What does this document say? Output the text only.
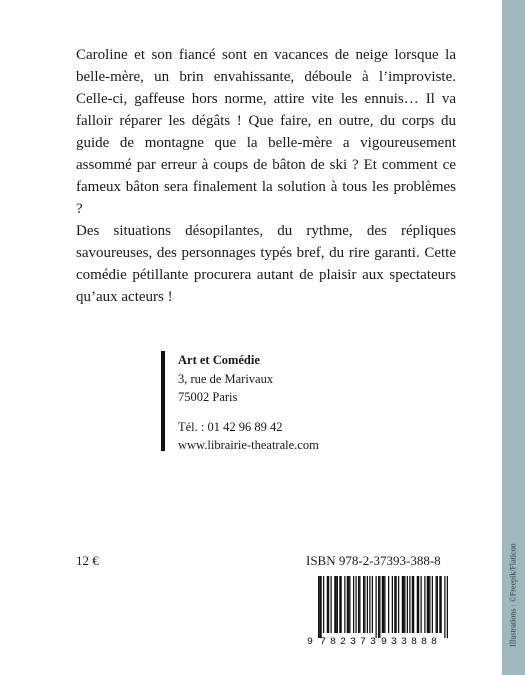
Illustrations : ©Freepik/Flaticon

Caroline et son fiancé sont en vacances de neige lorsque la belle-mère, un brin envahissante, déboule à l’improviste. Celle-ci, gaffeuse hors norme, attire vite les ennuis… Il va falloir réparer les dégâts ! Que faire, en outre, du corps du guide de montagne que la belle-mère a vigoureusement assommé par erreur à coups de bâton de ski ? Et comment ce fameux bâton sera finalement la solution à tous les problèmes ?

Des situations désopilantes, du rythme, des répliques savoureuses, des personnages typés bref, du rire garanti. Cette comédie pétillante procurera autant de plaisir aux spectateurs qu’aux acteurs !

Art et Comédie
3, rue de Marivaux
75002 Paris
Tél. : 01 42 96 89 42
www.librairie-theatrale.com
12 €	ISBN 978-2-37393-388-8
9 782373 933888
